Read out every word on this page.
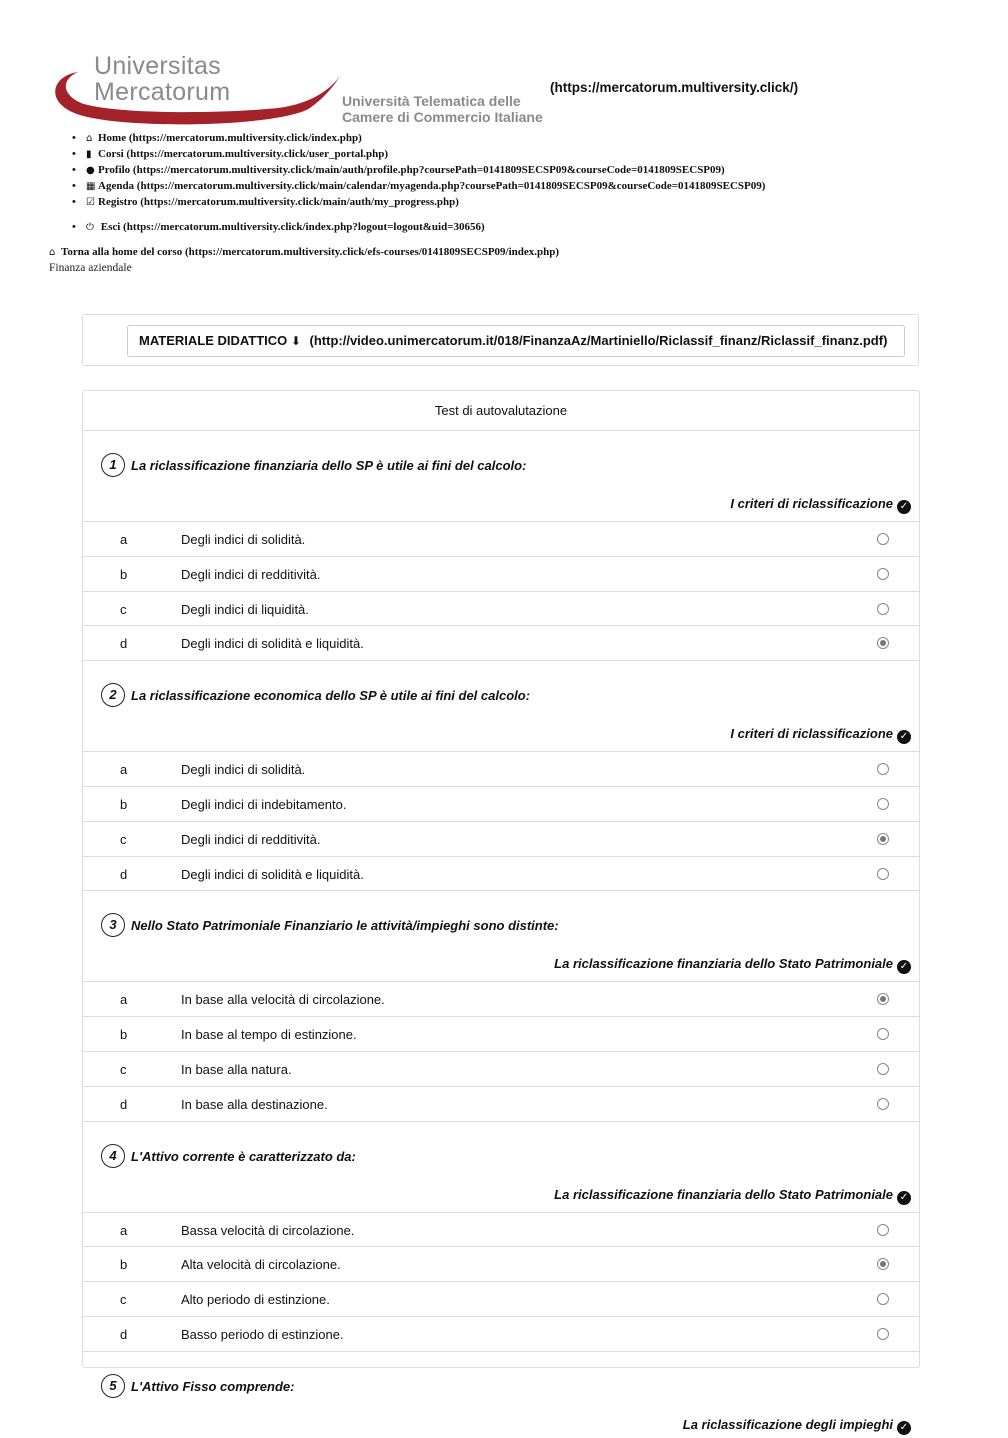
Universitas
Mercatorum	Università Telematica delle
Camere di Commercio Italiane
(https://mercatorum.multiversity.click/)
• ⌂ Home (https://mercatorum.multiversity.click/index.php)
• ▮ Corsi (https://mercatorum.multiversity.click/user_portal.php)
• ● Profilo (https://mercatorum.multiversity.click/main/auth/profile.php?coursePath=0141809SECSP09&courseCode=0141809SECSP09)
• ▦ Agenda (https://mercatorum.multiversity.click/main/calendar/myagenda.php?coursePath=0141809SECSP09&courseCode=0141809SECSP09)
• ☑ Registro (https://mercatorum.multiversity.click/main/auth/my_progress.php)
• ⏻ Esci (https://mercatorum.multiversity.click/index.php?logout=logout&uid=30656)
⌂ Torna alla home del corso (https://mercatorum.multiversity.click/efs-courses/0141809SECSP09/index.php)
Finanza aziendale
MATERIALE DIDATTICO ⬇ (http://video.unimercatorum.it/018/FinanzaAz/Martiniello/Riclassif_finanz/Riclassif_finanz.pdf)
Test di autovalutazione
1	La riclassificazione finanziaria dello SP è utile ai fini del calcolo:
I criteri di riclassificazione ✓
a	Degli indici di solidità.
b	Degli indici di redditività.
c	Degli indici di liquidità.
d	Degli indici di solidità e liquidità.
2	La riclassificazione economica dello SP è utile ai fini del calcolo:
I criteri di riclassificazione ✓
a	Degli indici di solidità.
b	Degli indici di indebitamento.
c	Degli indici di redditività.
d	Degli indici di solidità e liquidità.
3	Nello Stato Patrimoniale Finanziario le attività/impieghi sono distinte:
La riclassificazione finanziaria dello Stato Patrimoniale ✓
a	In base alla velocità di circolazione.
b	In base al tempo di estinzione.
c	In base alla natura.
d	In base alla destinazione.
4	L'Attivo corrente è caratterizzato da:
La riclassificazione finanziaria dello Stato Patrimoniale ✓
a	Bassa velocità di circolazione.
b	Alta velocità di circolazione.
c	Alto periodo di estinzione.
d	Basso periodo di estinzione.
5	L'Attivo Fisso comprende:
La riclassificazione degli impieghi ✓
